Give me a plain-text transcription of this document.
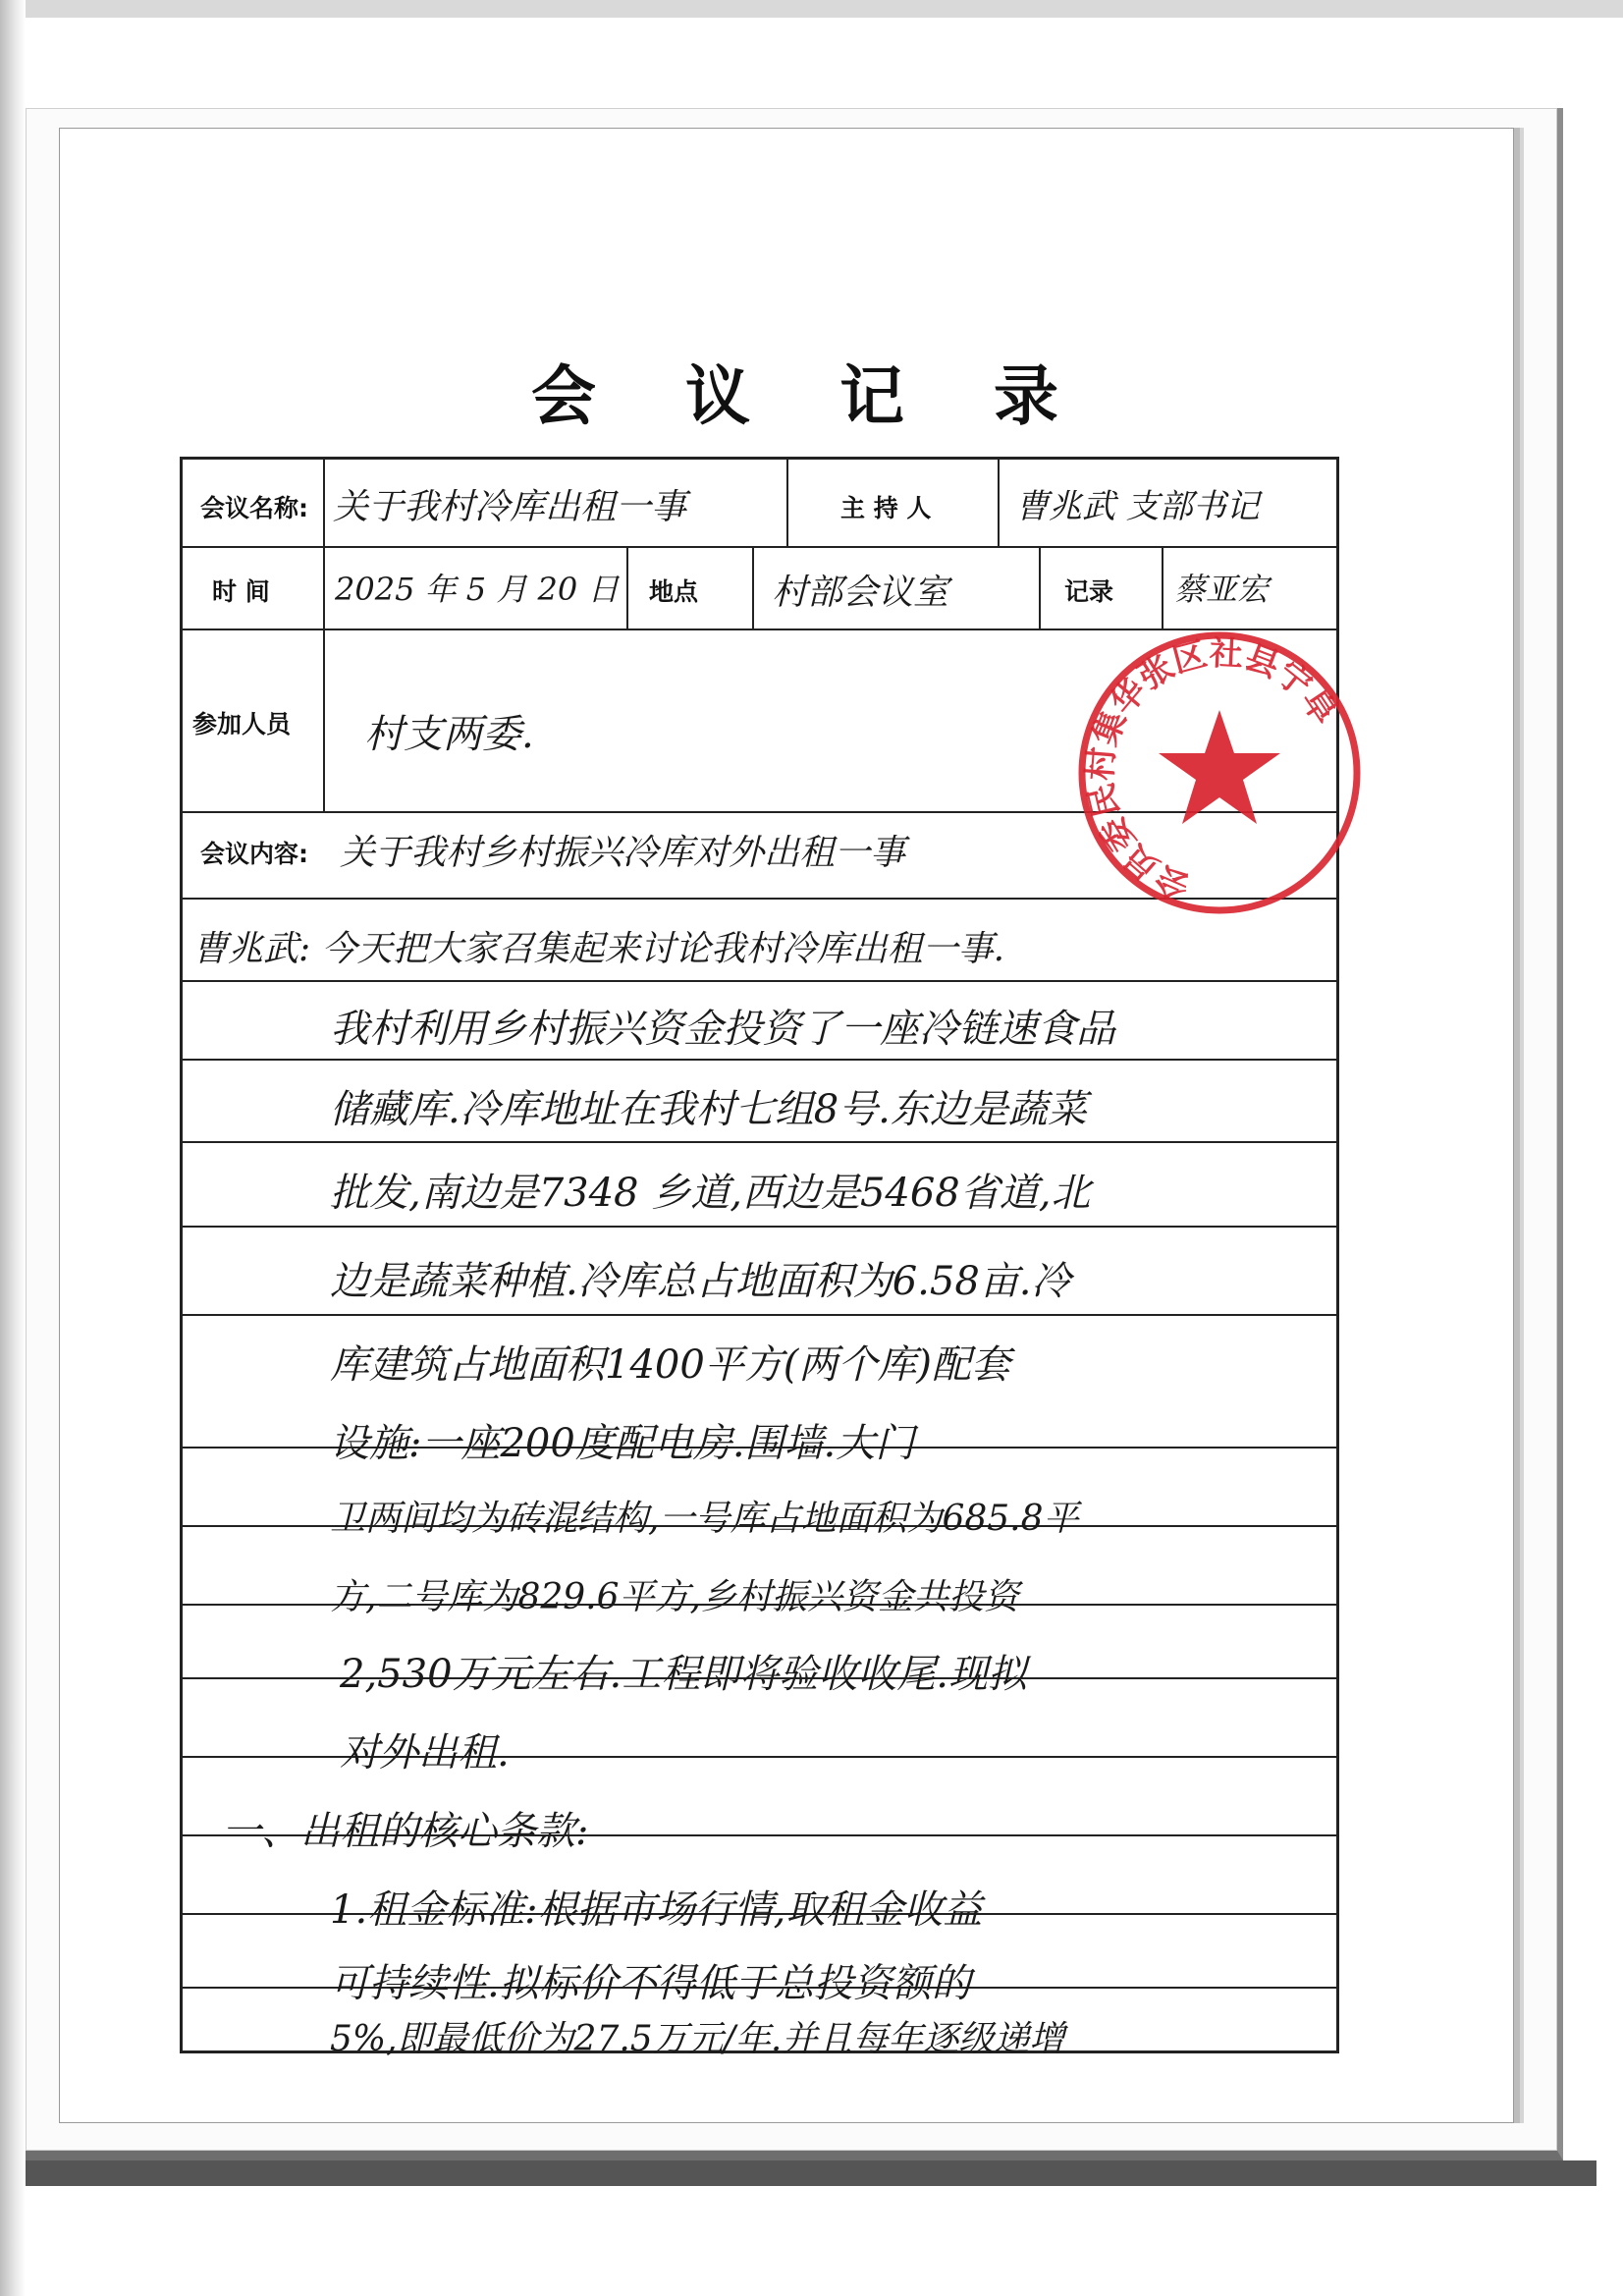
会 议 记 录
会议名称: 关于我村冷库出租一事	主 持 人	曹兆武 支部书记
时 间 2025 年 5 月 20 日 地点 村部会议室	记录 蔡亚宏
参加人员 村支两委.
会议内容: 关于我村乡村振兴冷库对外出租一事
曹兆武: 今天把大家召集起来讨论我村冷库出租一事.
我村利用乡村振兴资金投资了一座冷链速食品
储藏库.冷库地址在我村七组8号.东边是蔬菜
批发,南边是7348 乡道,西边是5468省道,北
边是蔬菜种植.冷库总占地面积为6.58亩.冷
库建筑占地面积1400平方(两个库)配套
设施:一座200度配电房.围墙.大门
卫两间均为砖混结构,一号库占地面积为685.8平
方,二号库为829.6平方,乡村振兴资金共投资
2,530万元左右.工程即将验收收尾.现拟
对外出租.
一、出租的核心条款:
1.租金标准:根据市场行情,取租金收益
可持续性.拟标价不得低于总投资额的
5%,即最低价为27.5万元/年.并且每年逐级递增
会员委民村集华张区社县宁阜
